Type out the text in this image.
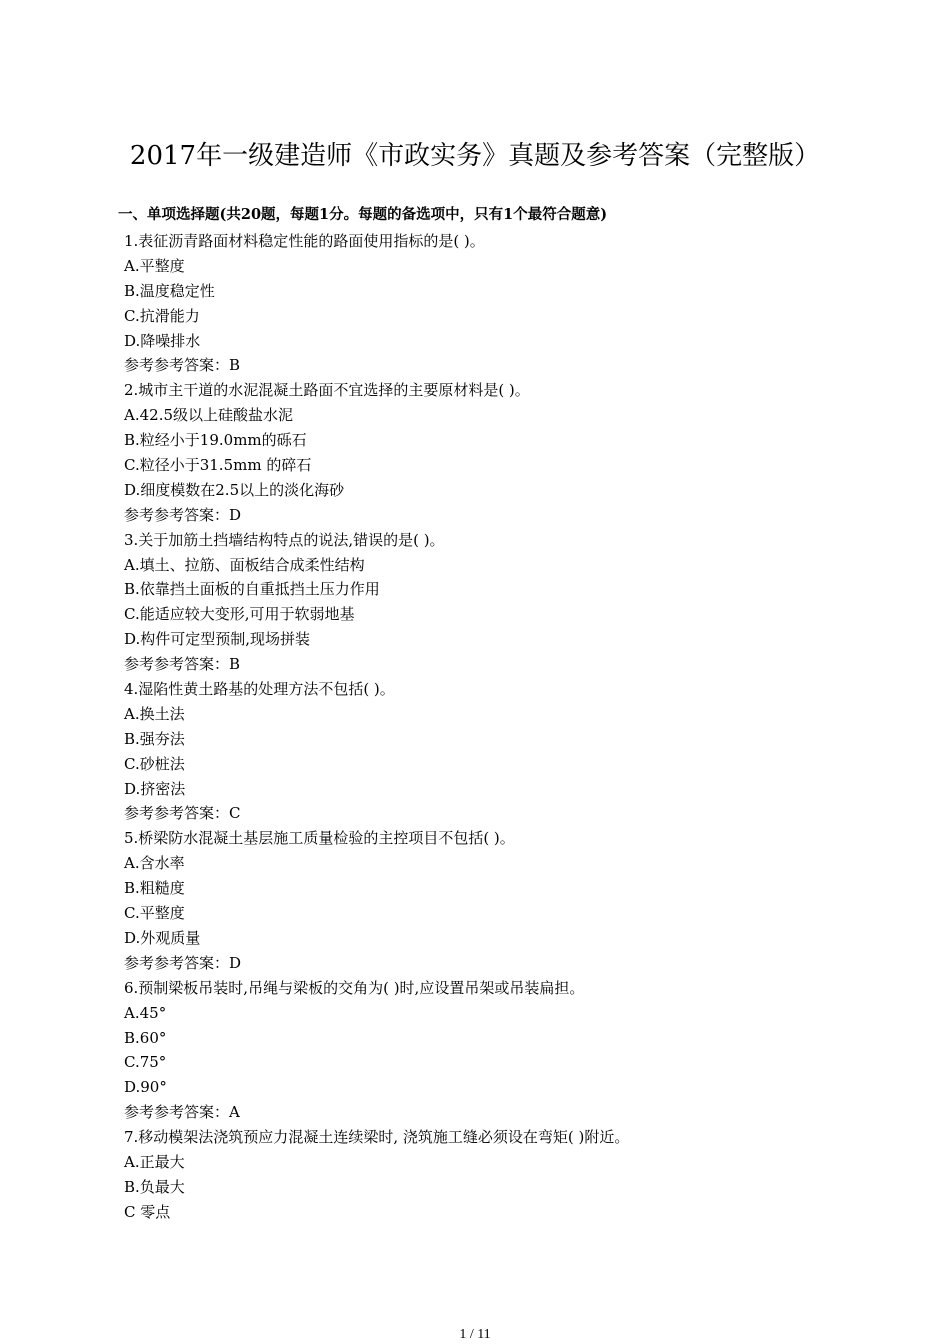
2017年一级建造师《市政实务》真题及参考答案（完整版）
一、单项选择题(共20题，每题1分。每题的备选项中，只有1个最符合题意)
1.表征沥青路面材料稳定性能的路面使用指标的是( )。
A.平整度
B.温度稳定性
C.抗滑能力
D.降噪排水
参考参考答案：B
2.城市主干道的水泥混凝土路面不宜选择的主要原材料是( )。
A.42.5级以上硅酸盐水泥
B.粒经小于19.0mm的砾石
C.粒径小于31.5mm 的碎石
D.细度模数在2.5以上的淡化海砂
参考参考答案：D
3.关于加筋土挡墙结构特点的说法,错误的是( )。
A.填土、拉筋、面板结合成柔性结构
B.依靠挡土面板的自重抵挡土压力作用
C.能适应较大变形,可用于软弱地基
D.构件可定型预制,现场拼装
参考参考答案：B
4.湿陷性黄土路基的处理方法不包括( )。
A.换土法
B.强夯法
C.砂桩法
D.挤密法
参考参考答案：C
5.桥梁防水混凝土基层施工质量检验的主控项目不包括( )。
A.含水率
B.粗糙度
C.平整度
D.外观质量
参考参考答案：D
6.预制梁板吊装时,吊绳与梁板的交角为( )时,应设置吊架或吊装扁担。
A.45°
B.60°
C.75°
D.90°
参考参考答案：A
7.移动模架法浇筑预应力混凝土连续梁时, 浇筑施工缝必须设在弯矩( )附近。
A.正最大
B.负最大
C 零点
1 / 11
